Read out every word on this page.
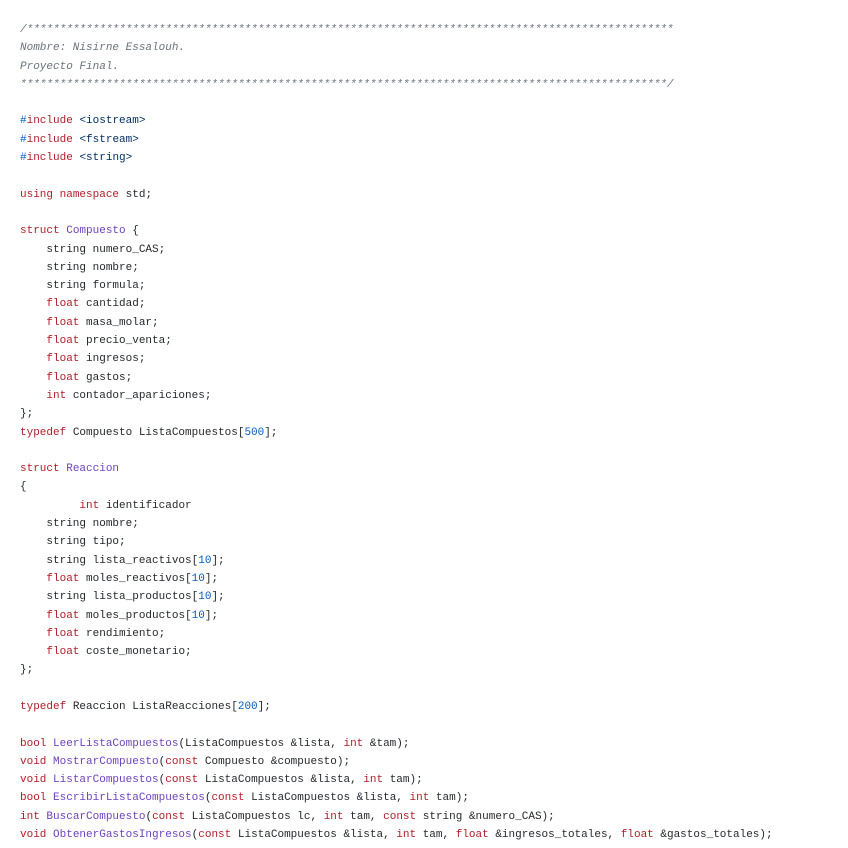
/**************************************************************************************************
Nombre: Nisirne Essalouh.
Proyecto Final.
**************************************************************************************************/
#include <iostream>
#include <fstream>
#include <string>
using namespace std;
struct Compuesto {
string numero_CAS;
string nombre;
string formula;
float cantidad;
float masa_molar;
float precio_venta;
float ingresos;
float gastos;
int contador_apariciones;
};
typedef Compuesto ListaCompuestos[500];
struct Reaccion
{
int identificador
string nombre;
string tipo;
string lista_reactivos[10];
float moles_reactivos[10];
string lista_productos[10];
float moles_productos[10];
float rendimiento;
float coste_monetario;
};
typedef Reaccion ListaReacciones[200];
bool LeerListaCompuestos(ListaCompuestos &lista, int &tam);
void MostrarCompuesto(const Compuesto &compuesto);
void ListarCompuestos(const ListaCompuestos &lista, int tam);
bool EscribirListaCompuestos(const ListaCompuestos &lista, int tam);
int BuscarCompuesto(const ListaCompuestos lc, int tam, const string &numero_CAS);
void ObtenerGastosIngresos(const ListaCompuestos &lista, int tam, float &ingresos_totales, float &gastos_totales);
